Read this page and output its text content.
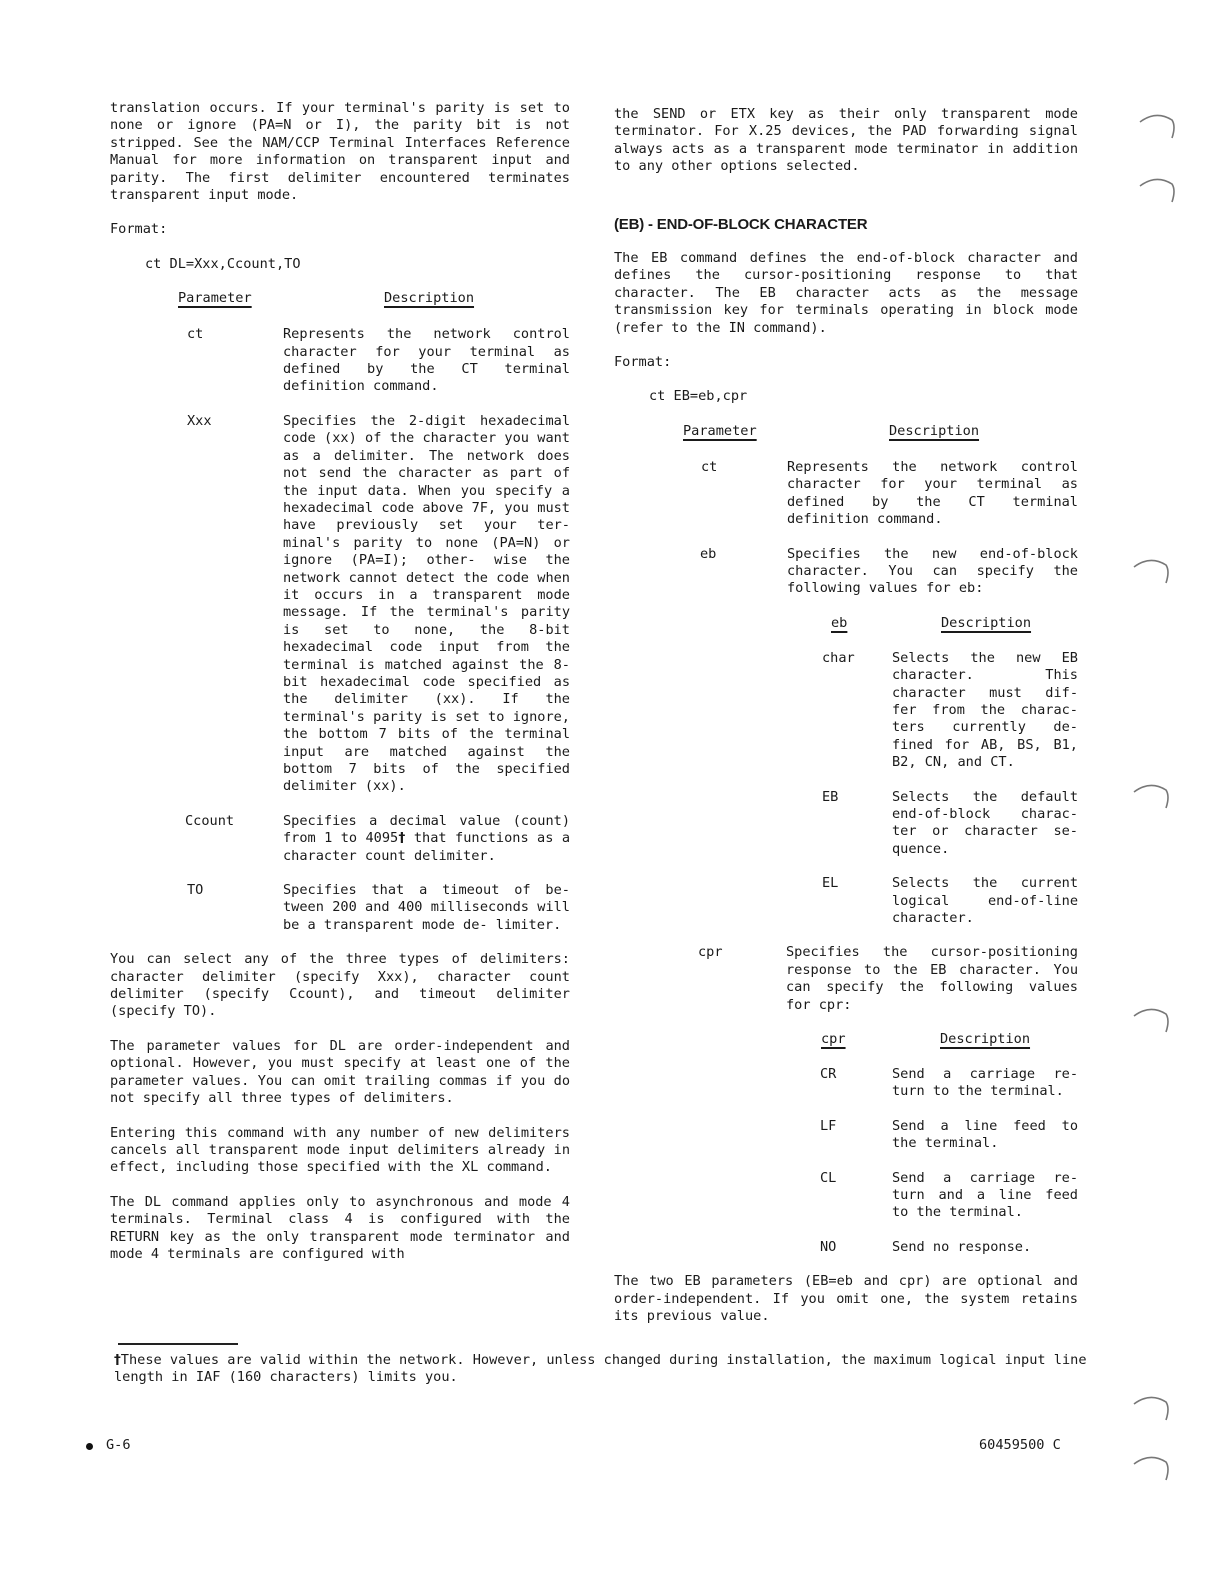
translation occurs. If your terminal's parity is set to none or ignore (PA=N or I), the parity bit is not stripped. See the NAM/CCP Terminal Interfaces Reference Manual for more information on transparent input and parity. The first delimiter encountered terminates transparent input mode.

Format:

ct DL=Xxx,Ccount,TO

Parameter	Description
ct	Represents the network control character for your terminal as defined by the CT terminal definition command.

Xxx	Specifies the 2-digit hexadecimal code (xx) of the character you want as a delimiter. The network does not send the character as part of the input data. When you specify a hexadecimal code above 7F, you must have previously set your ter- minal's parity to none (PA=N) or ignore (PA=I); other- wise the network cannot detect the code when it occurs in a transparent mode message. If the terminal's parity is set to none, the 8-bit hexadecimal code input from the terminal is matched against the 8-bit hexadecimal code specified as the delimiter (xx). If the terminal's parity is set to ignore, the bottom 7 bits of the terminal input are matched against the bottom 7 bits of the specified delimiter (xx).

Ccount	Specifies a decimal value (count) from 1 to 4095† that functions as a character count delimiter.

TO	Specifies that a timeout of be- tween 200 and 400 milliseconds will be a transparent mode de- limiter.

You can select any of the three types of delimiters: character delimiter (specify Xxx), character count delimiter (specify Ccount), and timeout delimiter (specify TO).

The parameter values for DL are order-independent and optional. However, you must specify at least one of the parameter values. You can omit trailing commas if you do not specify all three types of delimiters.

Entering this command with any number of new delimiters cancels all transparent mode input delimiters already in effect, including those specified with the XL command.

The DL command applies only to asynchronous and mode 4 terminals. Terminal class 4 is configured with the RETURN key as the only transparent mode terminator and mode 4 terminals are configured with

the SEND or ETX key as their only transparent mode terminator. For X.25 devices, the PAD forwarding signal always acts as a transparent mode terminator in addition to any other options selected.

(EB) - END-OF-BLOCK CHARACTER

The EB command defines the end-of-block character and defines the cursor-positioning response to that character. The EB character acts as the message transmission key for terminals operating in block mode (refer to the IN command).

Format:

ct EB=eb,cpr

Parameter	Description
ct	Represents the network control character for your terminal as defined by the CT terminal definition command.

eb	Specifies the new end-of-block character. You can specify the following values for eb:

eb	Description
char	Selects the new EB character. This character must dif- fer from the charac- ters currently de- fined for AB, BS, B1, B2, CN, and CT.

EB	Selects the default end-of-block charac- ter or character se- quence.

EL	Selects the current logical end-of-line character.

cpr	Specifies the cursor-positioning response to the EB character. You can specify the following values for cpr:

cpr	Description
CR	Send a carriage re- turn to the terminal.

LF	Send a line feed to the terminal.

CL	Send a carriage re- turn and a line feed to the terminal.

NO	Send no response.

The two EB parameters (EB=eb and cpr) are optional and order-independent. If you omit one, the system retains its previous value.

†These values are valid within the network. However, unless changed during installation, the maximum logical input line length in IAF (160 characters) limits you.
G-6	60459500 C
